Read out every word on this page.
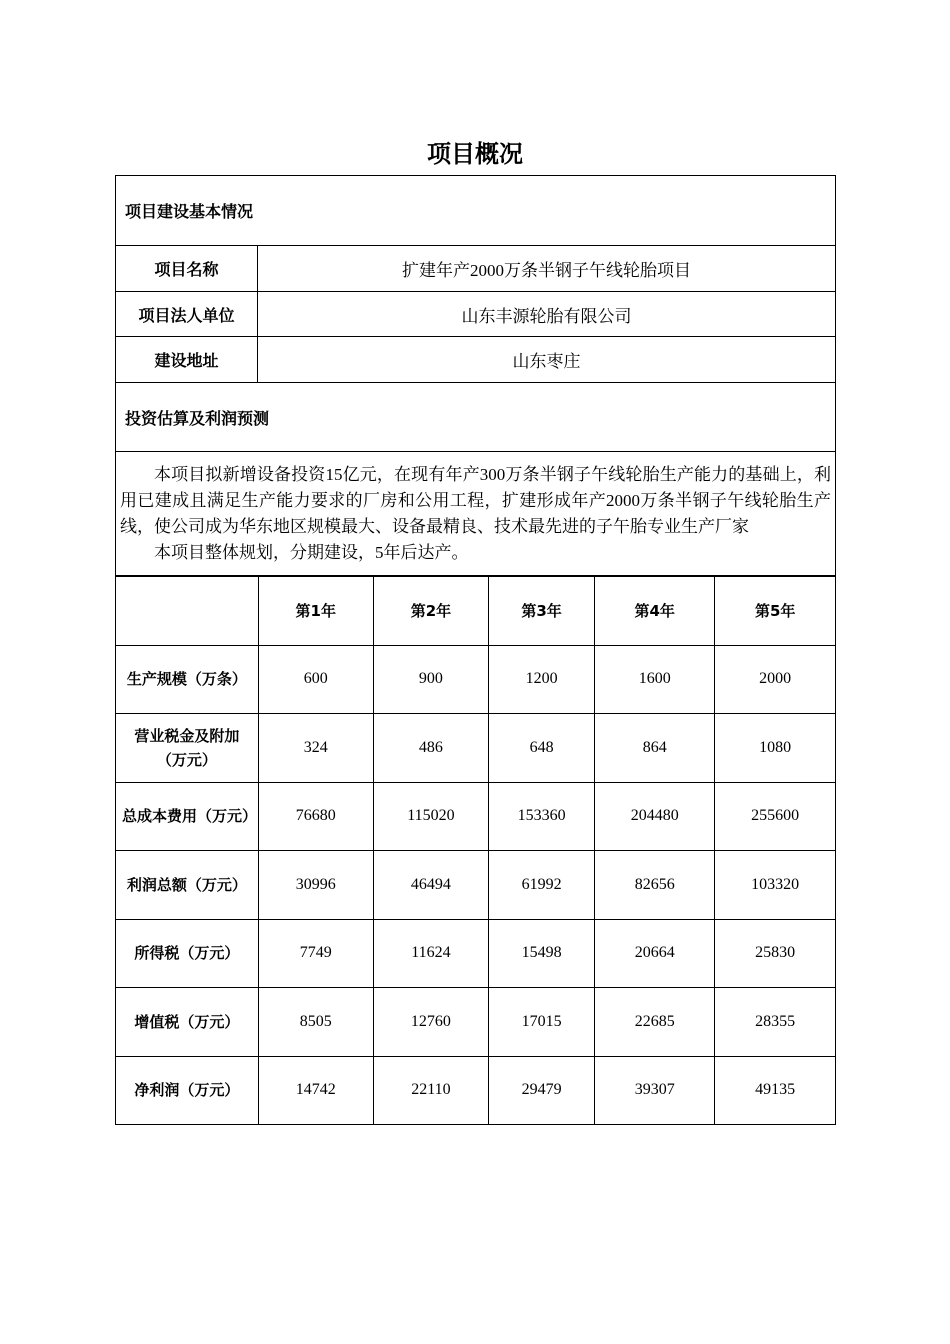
项目概况
项目建设基本情况
项目名称	扩建年产2000万条半钢子午线轮胎项目
项目法人单位	山东丰源轮胎有限公司
建设地址	山东枣庄
投资估算及利润预测

本项目拟新增设备投资15亿元，在现有年产300万条半钢子午线轮胎生产能力的基础上，利用已建成且满足生产能力要求的厂房和公用工程，扩建形成年产2000万条半钢子午线轮胎生产线，使公司成为华东地区规模最大、设备最精良、技术最先进的子午胎专业生产厂家

本项目整体规划，分期建设，5年后达产。

	第1年	第2年	第3年	第4年	第5年
生产规模（万条）	600	900	1200	1600	2000
营业税金及附加（万元）	324	486	648	864	1080
总成本费用（万元）	76680	115020	153360	204480	255600
利润总额（万元）	30996	46494	61992	82656	103320
所得税（万元）	7749	11624	15498	20664	25830
增值税（万元）	8505	12760	17015	22685	28355
净利润（万元）	14742	22110	29479	39307	49135
